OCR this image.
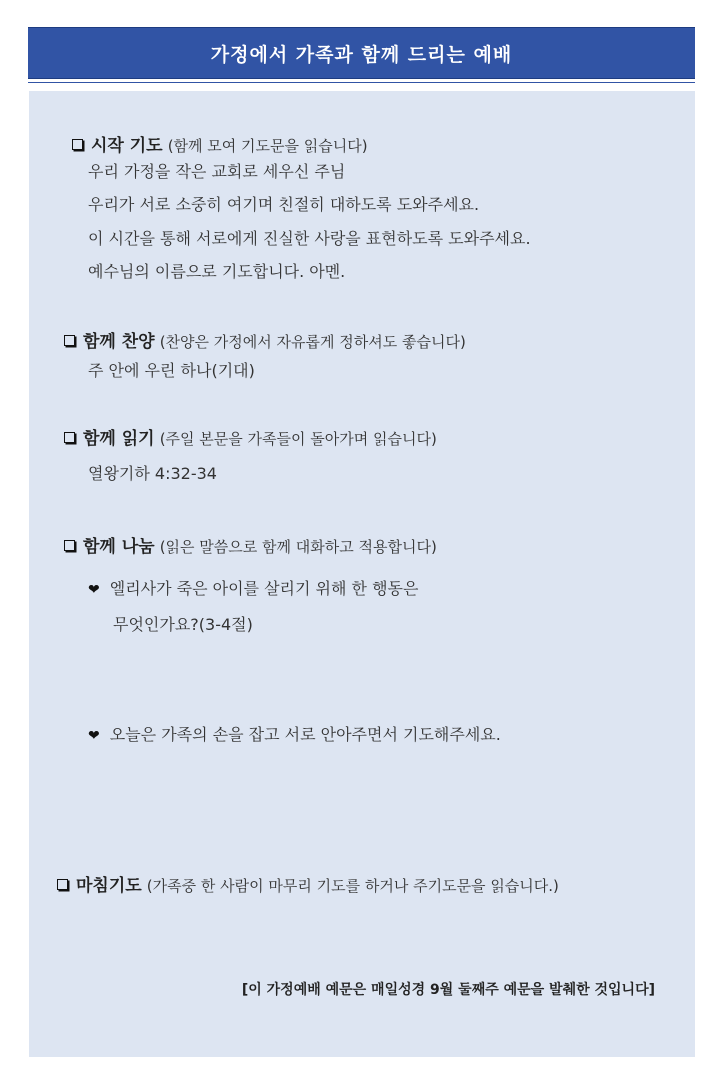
가정에서 가족과 함께 드리는 예배
시작 기도 (함께 모여 기도문을 읽습니다)
우리 가정을 작은 교회로 세우신 주님
우리가 서로 소중히 여기며 친절히 대하도록 도와주세요.
이 시간을 통해 서로에게 진실한 사랑을 표현하도록 도와주세요.
예수님의 이름으로 기도합니다. 아멘.
함께 찬양 (찬양은 가정에서 자유롭게 정하셔도 좋습니다)
주 안에 우린 하나(기대)
함께 읽기 (주일 본문을 가족들이 돌아가며 읽습니다)
열왕기하 4:32-34
함께 나눔 (읽은 말씀으로 함께 대화하고 적용합니다)
❤ 엘리사가 죽은 아이를 살리기 위해 한 행동은
무엇인가요?(3-4절)
❤ 오늘은 가족의 손을 잡고 서로 안아주면서 기도해주세요.
마침기도 (가족중 한 사람이 마무리 기도를 하거나 주기도문을 읽습니다.)
[이 가정예배 예문은 매일성경 9월 둘째주 예문을 발췌한 것입니다]
